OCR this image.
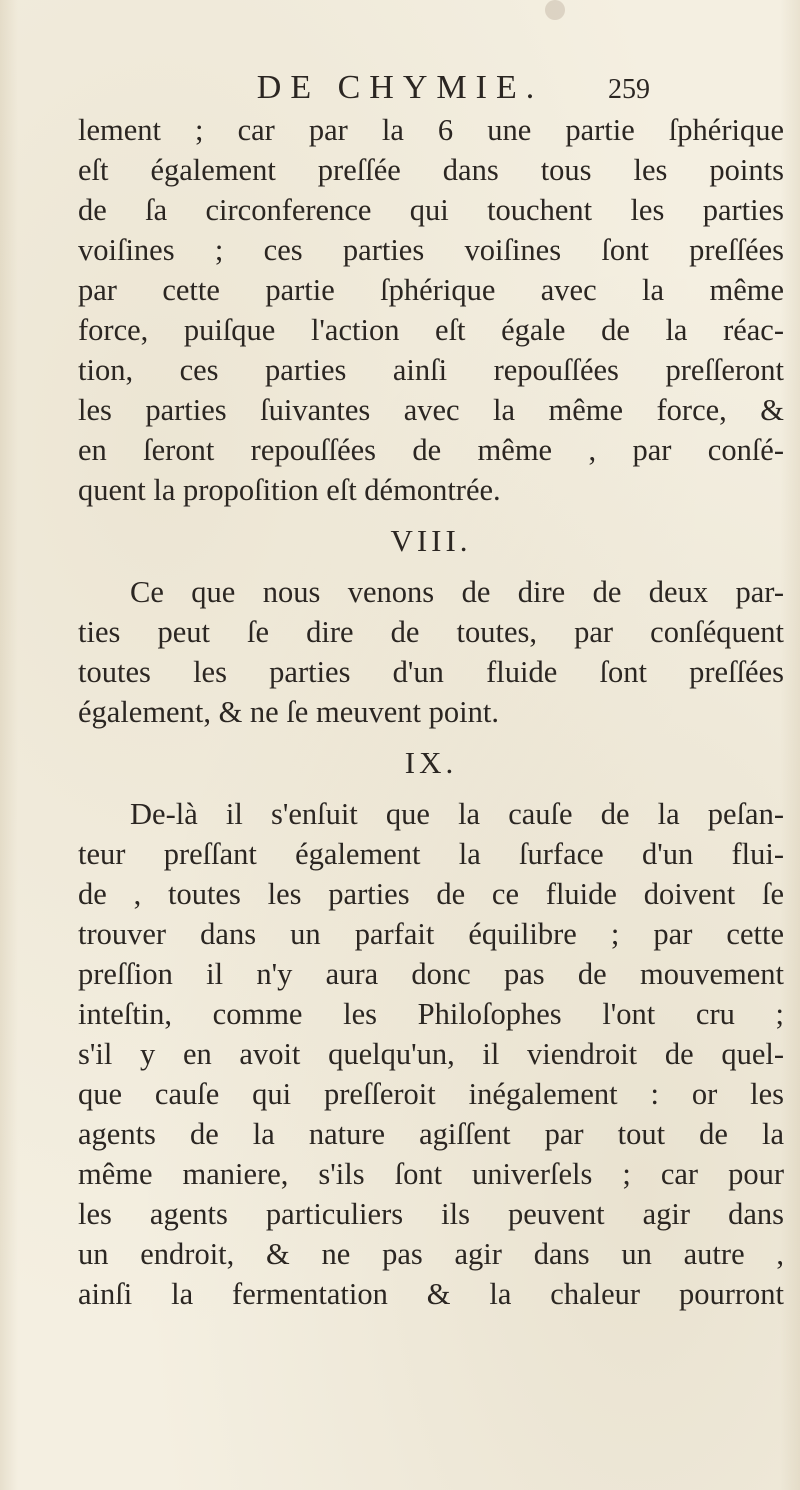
DE CHYMIE.	259
lement ; car par la 6 une partie ſphérique
eſt également preſſée dans tous les points
de ſa circonference qui touchent les parties
voiſines ; ces parties voiſines ſont preſſées
par cette partie ſphérique avec la même
force, puiſque l'action eſt égale de la réac-
tion, ces parties ainſi repouſſées preſſeront
les parties ſuivantes avec la même force, &
en ſeront repouſſées de même , par conſé-
quent la propoſition eſt démontrée.
VIII.
Ce que nous venons de dire de deux par-
ties peut ſe dire de toutes, par conſéquent
toutes les parties d'un fluide ſont preſſées
également, & ne ſe meuvent point.
IX.
De-là il s'enſuit que la cauſe de la peſan-
teur preſſant également la ſurface d'un flui-
de , toutes les parties de ce fluide doivent ſe
trouver dans un parfait équilibre ; par cette
preſſion il n'y aura donc pas de mouvement
inteſtin, comme les Philoſophes l'ont cru ;
s'il y en avoit quelqu'un, il viendroit de quel-
que cauſe qui preſſeroit inégalement : or les
agents de la nature agiſſent par tout de la
même maniere, s'ils ſont univerſels ; car pour
les agents particuliers ils peuvent agir dans
un endroit, & ne pas agir dans un autre ,
ainſi la fermentation & la chaleur pourront
